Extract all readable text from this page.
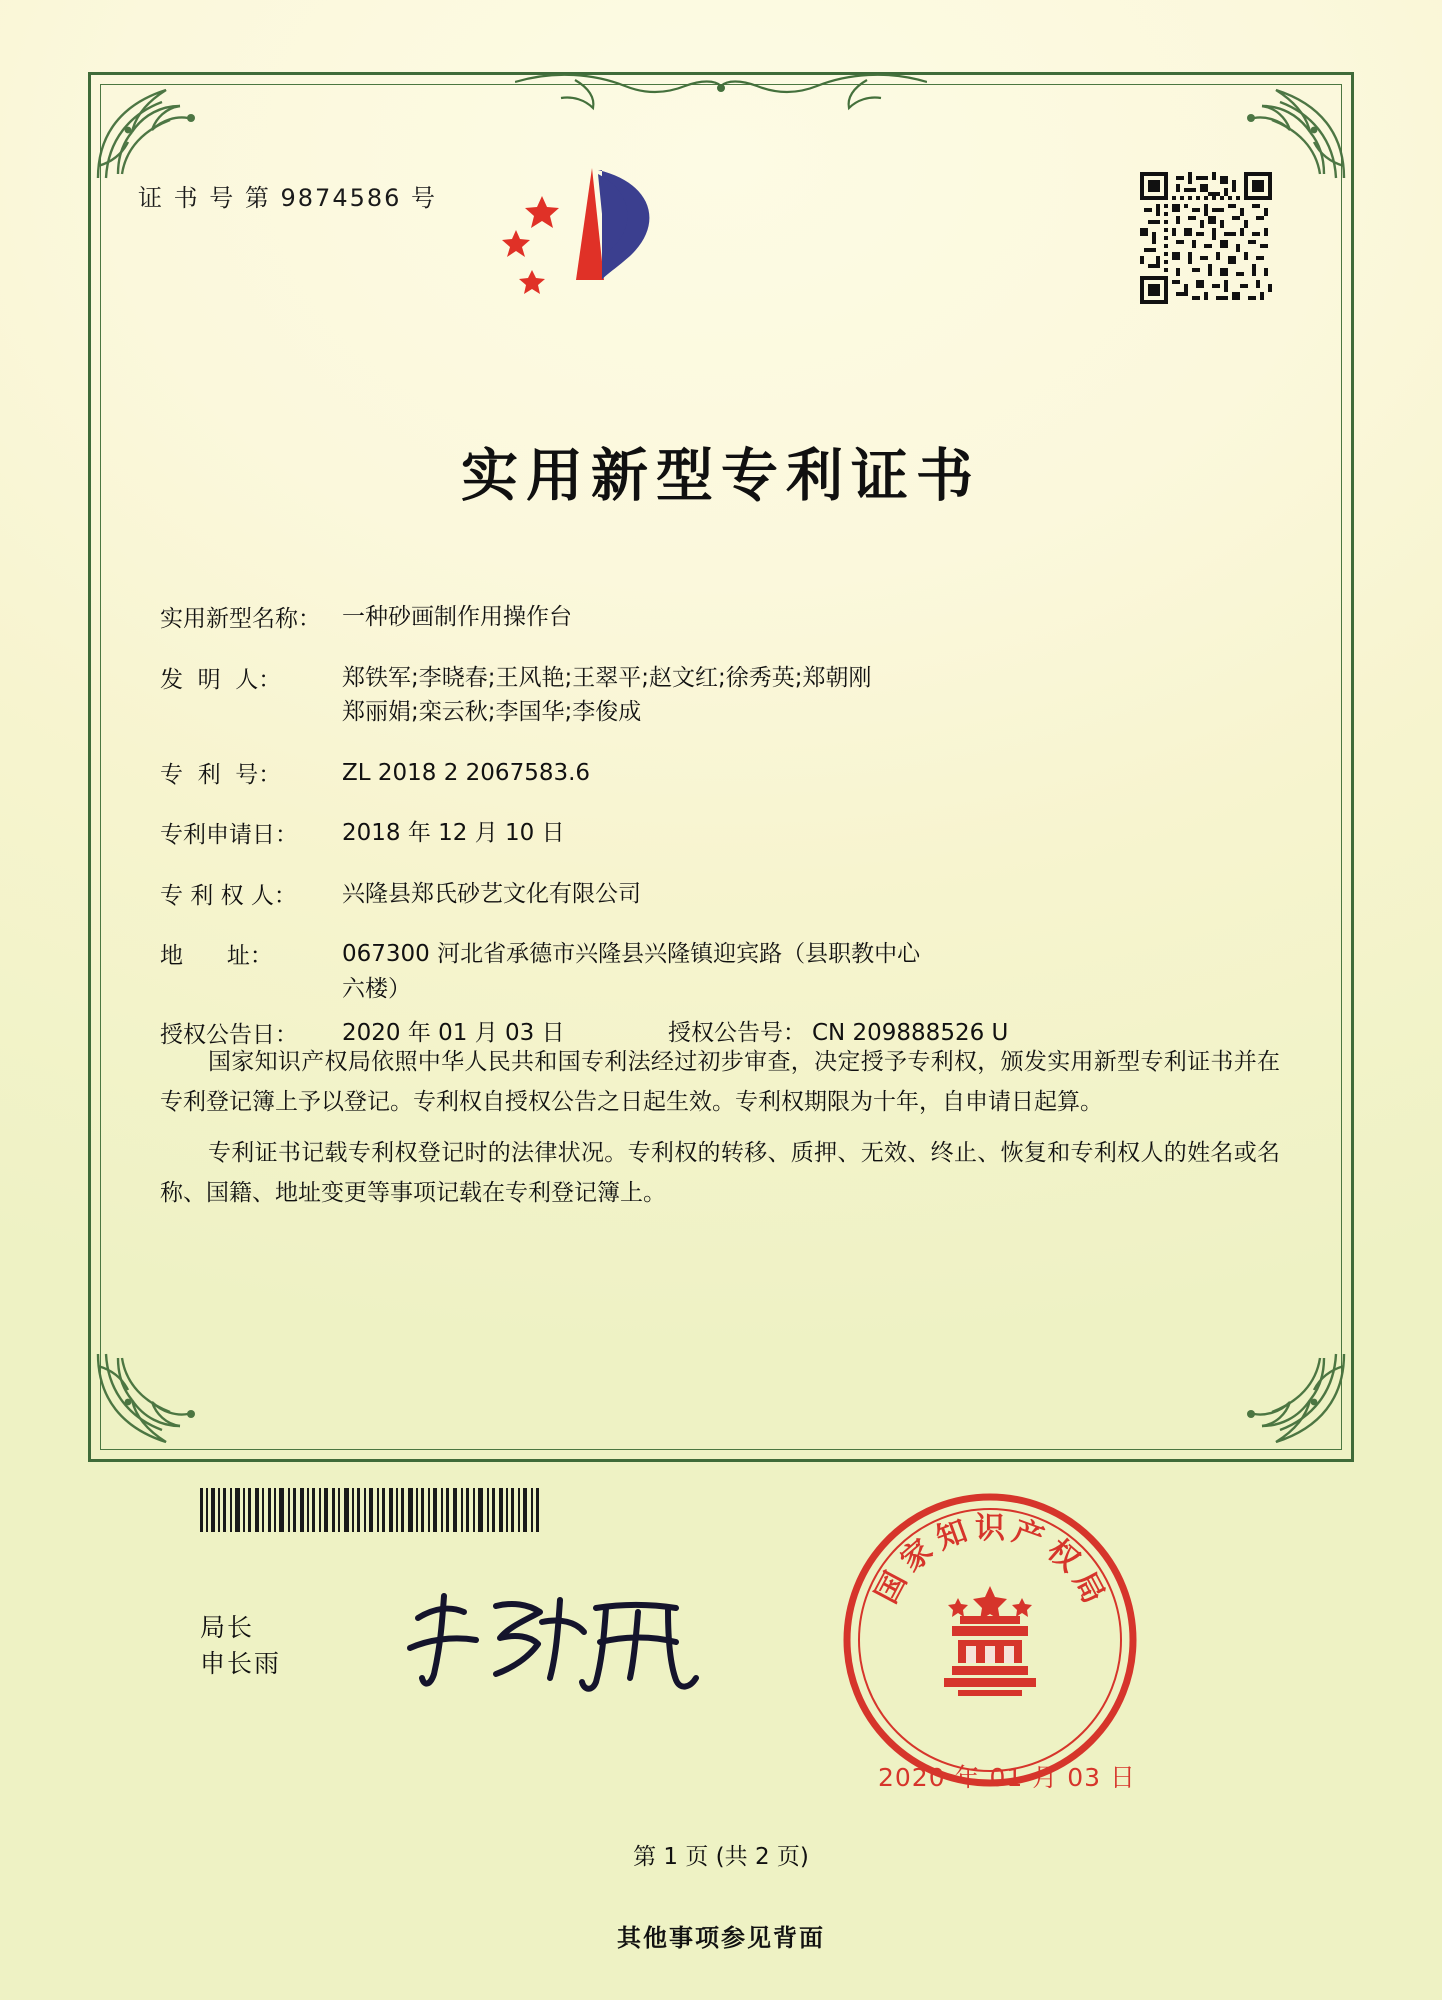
证 书 号 第 9874586 号
实用新型专利证书
实用新型名称： 一种砂画制作用操作台
发  明  人：	郑铁军;李晓春;王风艳;王翠平;赵文红;徐秀英;郑朝刚
郑丽娟;栾云秋;李国华;李俊成
专  利  号：	ZL 2018 2 2067583.6
专利申请日：	2018 年 12 月 10 日
专 利 权 人：	兴隆县郑氏砂艺文化有限公司
地      址：	067300 河北省承德市兴隆县兴隆镇迎宾路（县职教中心
六楼）
授权公告日：	2020 年 01 月 03 日	授权公告号： CN 209888526 U

国家知识产权局依照中华人民共和国专利法经过初步审查，决定授予专利权，颁发实用新型专利证书并在专利登记簿上予以登记。专利权自授权公告之日起生效。专利权期限为十年，自申请日起算。

专利证书记载专利权登记时的法律状况。专利权的转移、质押、无效、终止、恢复和专利权人的姓名或名称、国籍、地址变更等事项记载在专利登记簿上。

局长
申长雨
国
家
知 识 产
权
局
2020 年 01 月 03 日
第 1 页 (共 2 页)
其他事项参见背面
